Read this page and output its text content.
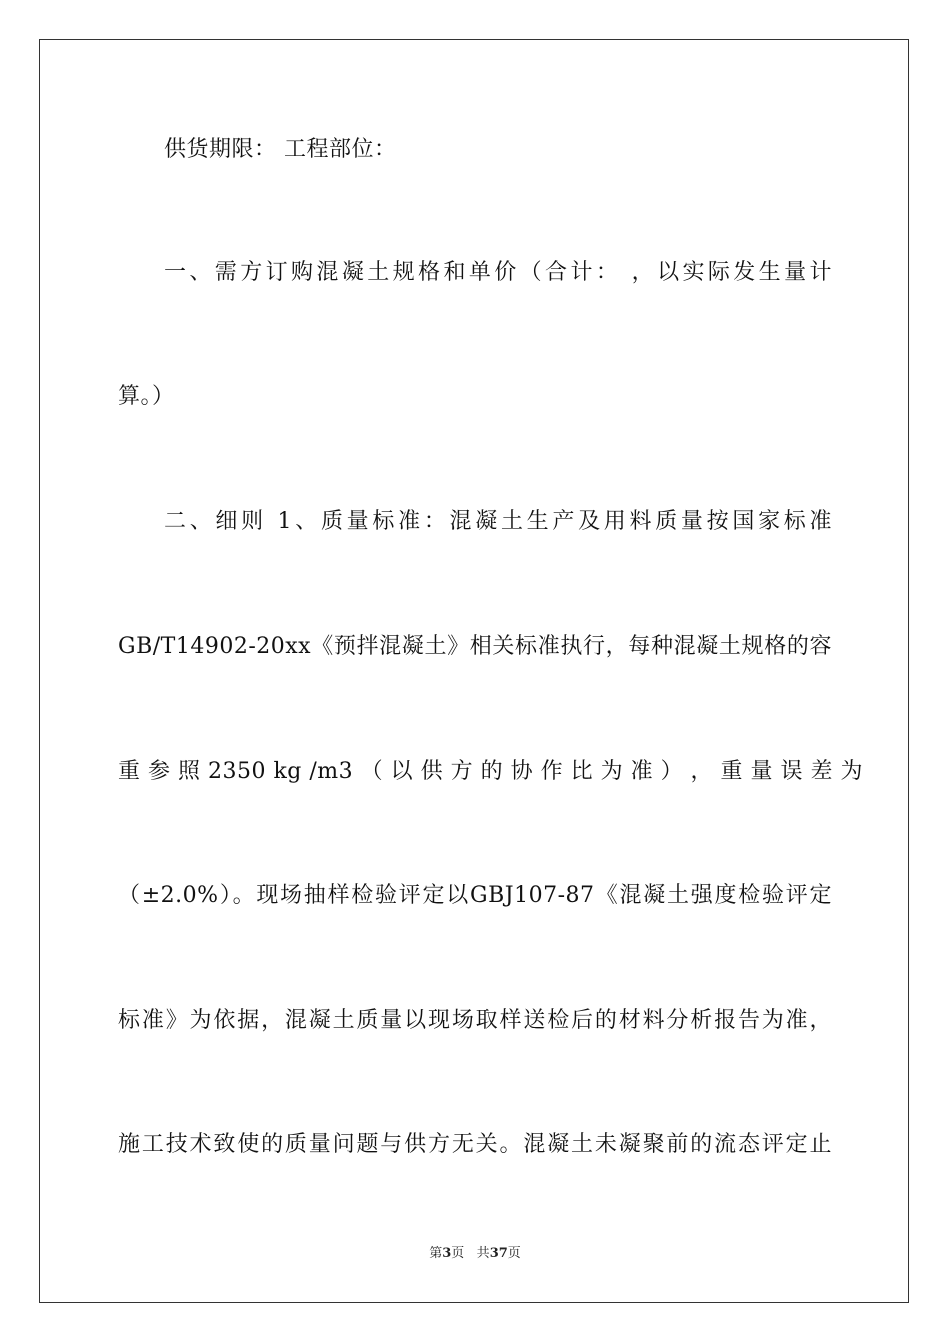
供货期限： 工程部位：
一、需方订购混凝土规格和单价（合计： ，以实际发生量计
算。）
二、细则 1、质量标准：混凝土生产及用料质量按国家标准
GB/T14902-20xx《预拌混凝土》相关标准执行，每种混凝土规格的容
重 参 照 2350 kg /m3 （ 以 供 方 的 协 作 比 为 准 ） ， 重 量 误 差 为
（±2.0%）。现场抽样检验评定以GBJ107-87《混凝土强度检验评定
标准》为依据，混凝土质量以现场取样送检后的材料分析报告为准，
施工技术致使的质量问题与供方无关。混凝土未凝聚前的流态评定止
第3页 共37页
